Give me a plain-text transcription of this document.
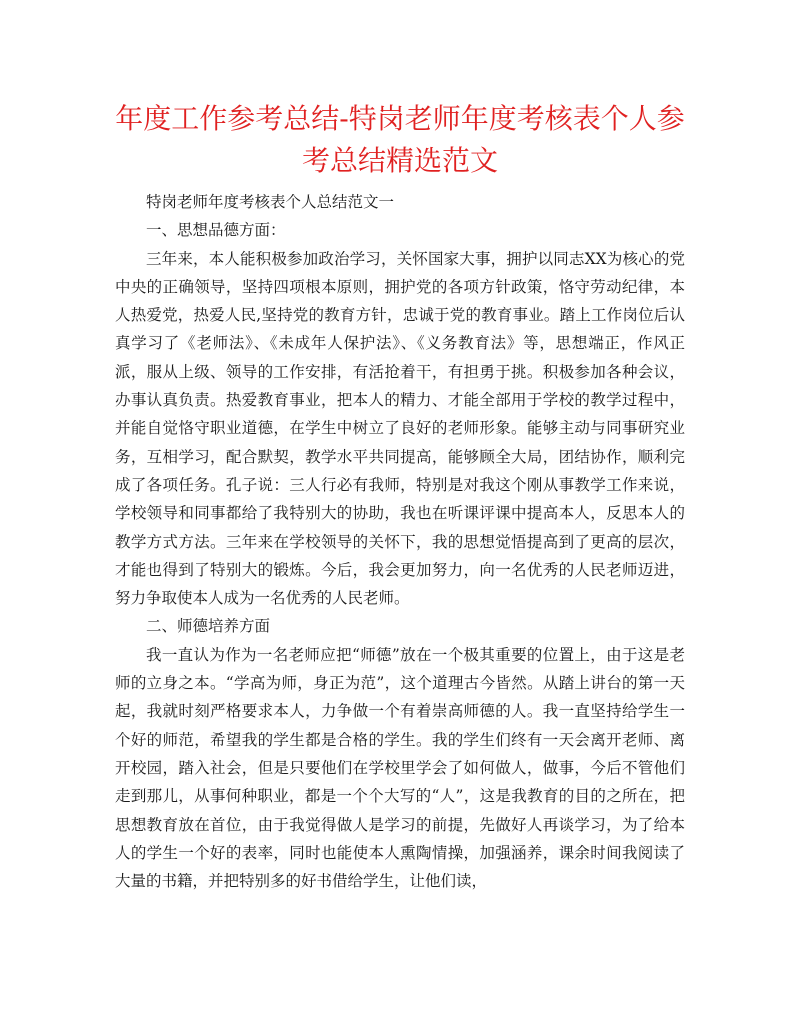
年度工作参考总结-特岗老师年度考核表个人参考总结精选范文

特岗老师年度考核表个人总结范文一

一、思想品德方面：

三年来，本人能积极参加政治学习，关怀国家大事，拥护以同志XX为核心的党中央的正确领导，坚持四项根本原则，拥护党的各项方针政策，恪守劳动纪律，本人热爱党，热爱人民,坚持党的教育方针，忠诚于党的教育事业。踏上工作岗位后认真学习了《老师法》、《未成年人保护法》、《义务教育法》等，思想端正，作风正派，服从上级、领导的工作安排，有活抢着干，有担勇于挑。积极参加各种会议，办事认真负责。热爱教育事业，把本人的精力、才能全部用于学校的教学过程中，并能自觉恪守职业道德，在学生中树立了良好的老师形象。能够主动与同事研究业务，互相学习，配合默契，教学水平共同提高，能够顾全大局，团结协作，顺利完成了各项任务。孔子说：三人行必有我师，特别是对我这个刚从事教学工作来说，学校领导和同事都给了我特别大的协助，我也在听课评课中提高本人，反思本人的教学方式方法。三年来在学校领导的关怀下，我的思想觉悟提高到了更高的层次，才能也得到了特别大的锻炼。今后，我会更加努力，向一名优秀的人民老师迈进，努力争取使本人成为一名优秀的人民老师。

二、师德培养方面

我一直认为作为一名老师应把“师德”放在一个极其重要的位置上，由于这是老师的立身之本。“学高为师，身正为范”，这个道理古今皆然。从踏上讲台的第一天起，我就时刻严格要求本人，力争做一个有着崇高师德的人。我一直坚持给学生一个好的师范，希望我的学生都是合格的学生。我的学生们终有一天会离开老师、离开校园，踏入社会，但是只要他们在学校里学会了如何做人，做事，今后不管他们走到那儿，从事何种职业，都是一个个大写的“人”，这是我教育的目的之所在，把思想教育放在首位，由于我觉得做人是学习的前提，先做好人再谈学习，为了给本人的学生一个好的表率，同时也能使本人熏陶情操，加强涵养，课余时间我阅读了大量的书籍，并把特别多的好书借给学生，让他们读，
